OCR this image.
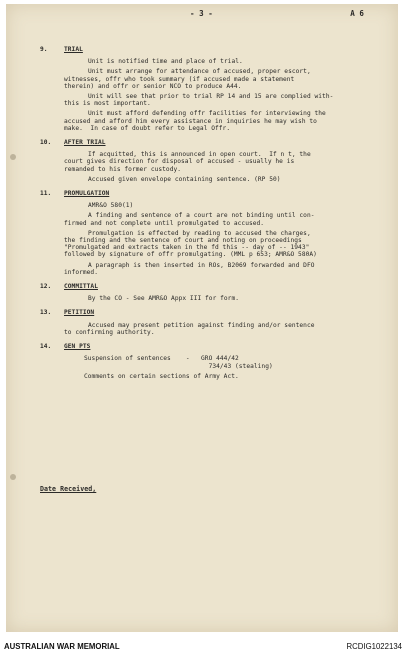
- 3 -	A 6
9.	TRIAL
Unit is notified time and place of trial.
Unit must arrange for attendance of accused, proper escort,
witnesses, offr who took summary (if accused made a statement
therein) and offr or senior NCO to produce A44.
Unit will see that prior to trial RP 14 and 15 are complied with-
this is most important.
Unit must afford defending offr facilities for interviewing the
accused and afford him every assistance in inquiries he may wish to
make.  In case of doubt refer to Legal Offr.
10.	AFTER TRIAL
If acquitted, this is announced in open court.  If n t, the
court gives direction for disposal of accused - usually he is
remanded to his former custody.
Accused given envelope containing sentence. (RP 50)
11.	PROMULGATION
AMR&O 580(1)
A finding and sentence of a court are not binding until con-
firmed and not complete until promulgated to accused.
Promulgation is effected by reading to accused the charges,
the finding and the sentence of court and noting on proceedings
"Promulgated and extracts taken in the fd this -- day of -- 1943"
followed by signature of offr promulgating. (MML p 653; AMR&O 580A)
A paragraph is then inserted in ROs, B2069 forwarded and DFO
informed.
12.	COMMITTAL
By the CO - See AMR&O Appx III for form.
13.	PETITION
Accused may present petition against finding and/or sentence
to confirming authority.
14.	GEN PTS
Suspension of sentences    -   GRO 444/42
734/43 (stealing)
Comments on certain sections of Army Act.
Date Received,
AUSTRALIAN WAR MEMORIAL	RCDIG1022134
